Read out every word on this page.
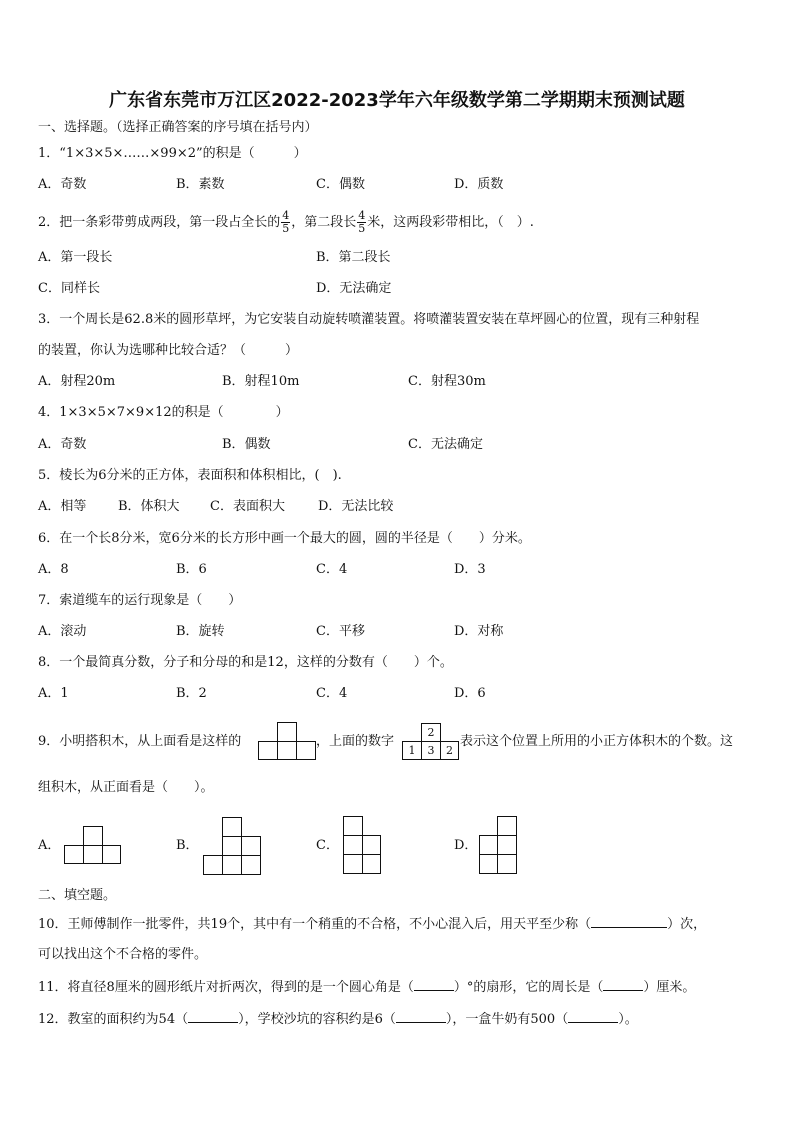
广东省东莞市万江区2022-2023学年六年级数学第二学期期末预测试题
一、选择题。（选择正确答案的序号填在括号内）
1．“1×3×5×……×99×2”的积是（　　　）
A．奇数	B．素数	C．偶数	D．质数
2．把一条彩带剪成两段，第一段占全长的 $\frac{4}{5}$ ，第二段长 $\frac{4}{5}$ 米，这两段彩带相比，（　）.
A．第一段长	B．第二段长
C．同样长	D．无法确定
3．一个周长是62.8米的圆形草坪，为它安装自动旋转喷灌装置。将喷灌装置安装在草坪圆心的位置，现有三种射程
的装置，你认为选哪种比较合适？（　　　）
A．射程20m	B．射程10m	C．射程30m
4．1×3×5×7×9×12的积是（　　　　）
A．奇数	B．偶数	C．无法确定
5．棱长为6分米的正方体，表面积和体积相比，(　).
A．相等 B．体积大 C．表面积大	D．无法比较
6．在一个长8分米，宽6分米的长方形中画一个最大的圆，圆的半径是（　　）分米。
A．8	B．6	C．4	D．3
7．索道缆车的运行现象是（　　）
A．滚动	B．旋转	C．平移	D．对称
8．一个最简真分数，分子和分母的和是12，这样的分数有（　　）个。
A．1	B．2	C．4	D．6
9．小明搭积木，从上面看是这样的	，上面的数字
2
1	3	2
表示这个位置上所用的小正方体积木的个数。这
组积木，从正面看是（　　）。
A．	B．	C．	D．
二、填空题。
10．王师傅制作一批零件，共19个，其中有一个稍重的不合格，不小心混入后，用天平至少称（	）次，
可以找出这个不合格的零件。
11．将直径8厘米的圆形纸片对折两次，得到的是一个圆心角是（	）°的扇形，它的周长是（	）厘米。
12．教室的面积约为54（	），学校沙坑的容积约是6（	），一盒牛奶有500（	）。
